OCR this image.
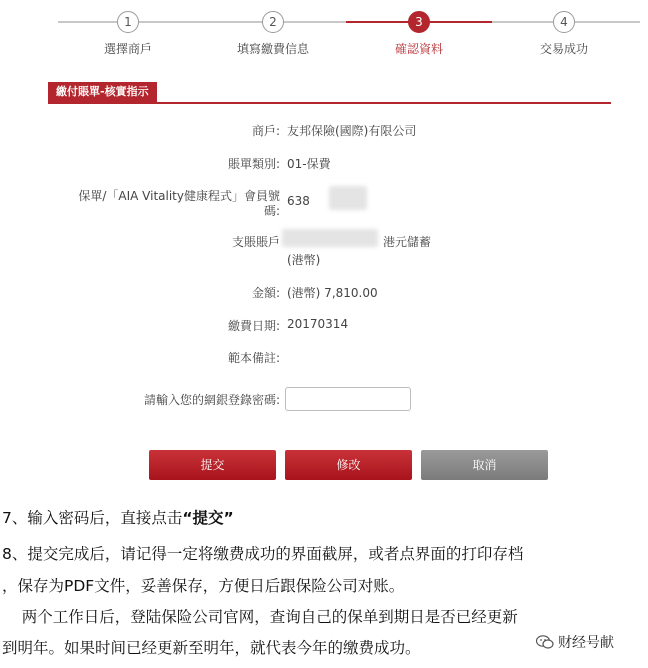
1	2	3	4
選擇商戶	填寫繳費信息	確認資料	交易成功
繳付賬單-核實指示
商戶: 友邦保險(國際)有限公司
賬單類別: 01-保費
保單/「AIA Vitality健康程式」會員號
碼:
638
支賬賬戶	港元儲蓄
(港幣)
金額: (港幣) 7,810.00
繳費日期: 20170314
範本備註:
請輸入您的網銀登錄密碼:
提交	修改	取消
7、输入密码后，直接点击“提交”
8、提交完成后，请记得一定将缴费成功的界面截屏，或者点界面的打印存档
，保存为PDF文件，妥善保存，方便日后跟保险公司对账。
两个工作日后，登陆保险公司官网，查询自己的保单到期日是否已经更新
到明年。如果时间已经更新至明年，就代表今年的缴费成功。	财经号献
